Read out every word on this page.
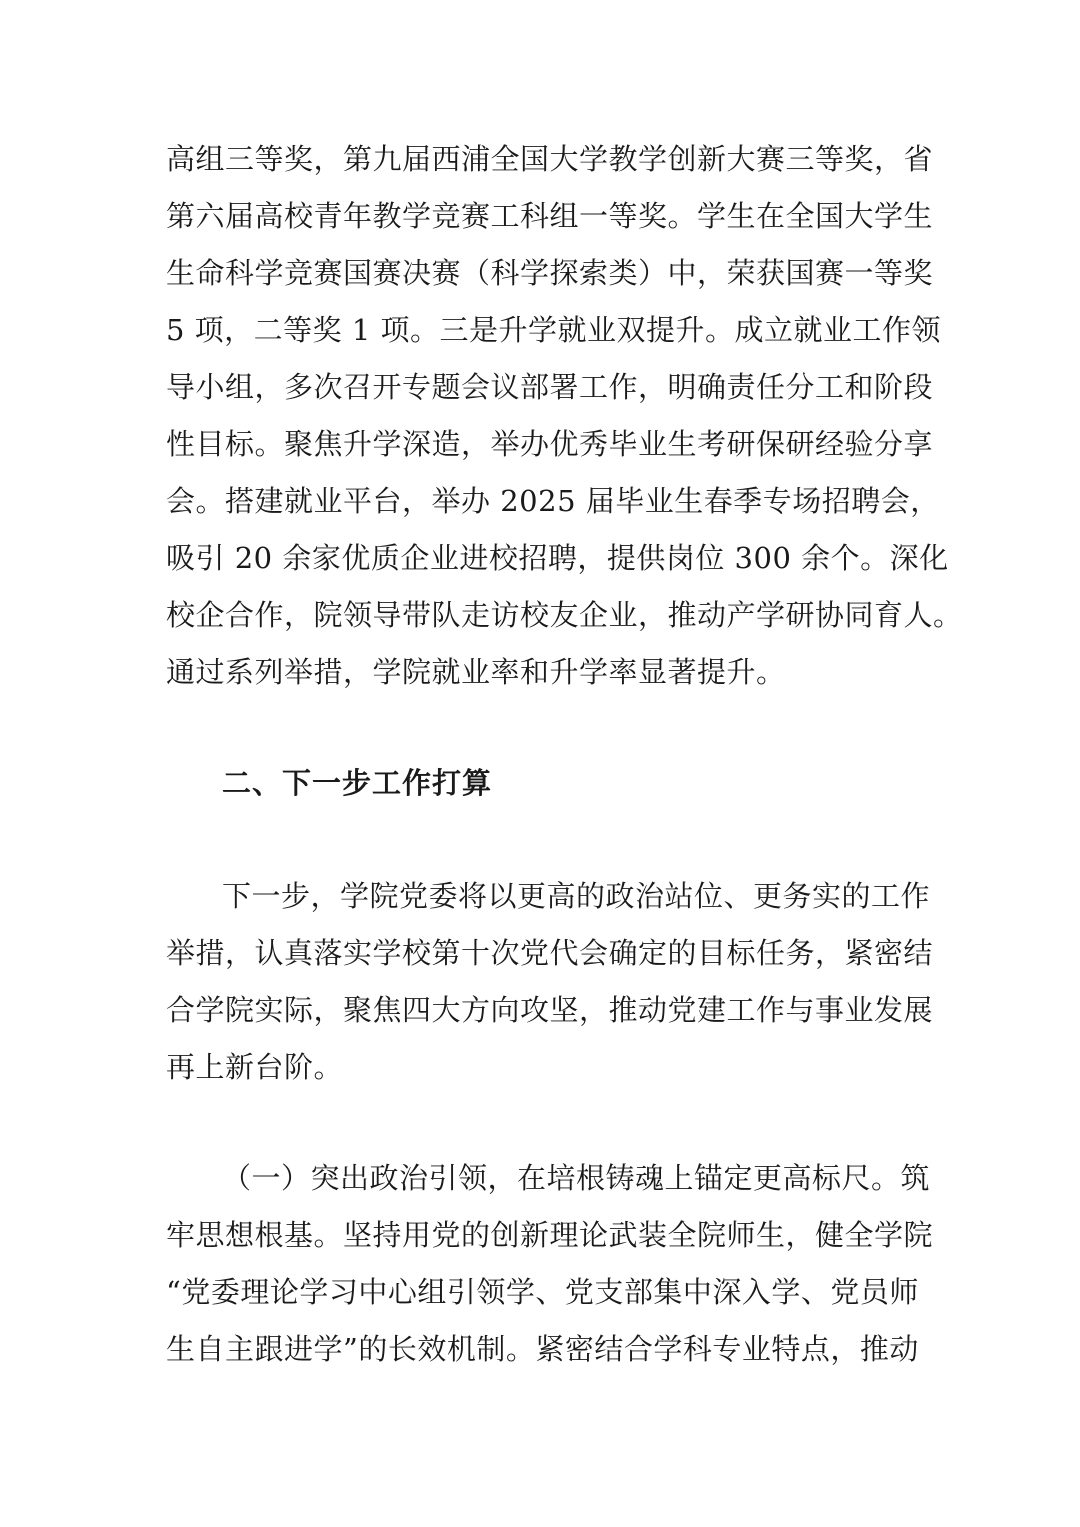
高组三等奖，第九届西浦全国大学教学创新大赛三等奖，省
第六届高校青年教学竞赛工科组一等奖。学生在全国大学生
生命科学竞赛国赛决赛（科学探索类）中，荣获国赛一等奖
5 项，二等奖 1 项。三是升学就业双提升。成立就业工作领
导小组，多次召开专题会议部署工作，明确责任分工和阶段
性目标。聚焦升学深造，举办优秀毕业生考研保研经验分享
会。搭建就业平台，举办 2025 届毕业生春季专场招聘会，
吸引 20 余家优质企业进校招聘，提供岗位 300 余个。深化
校企合作，院领导带队走访校友企业，推动产学研协同育人。
通过系列举措，学院就业率和升学率显著提升。
二、下一步工作打算
下一步，学院党委将以更高的政治站位、更务实的工作
举措，认真落实学校第十次党代会确定的目标任务，紧密结
合学院实际，聚焦四大方向攻坚，推动党建工作与事业发展
再上新台阶。
（一）突出政治引领，在培根铸魂上锚定更高标尺。筑
牢思想根基。坚持用党的创新理论武装全院师生，健全学院
“党委理论学习中心组引领学、党支部集中深入学、党员师
生自主跟进学”的长效机制。紧密结合学科专业特点，推动
